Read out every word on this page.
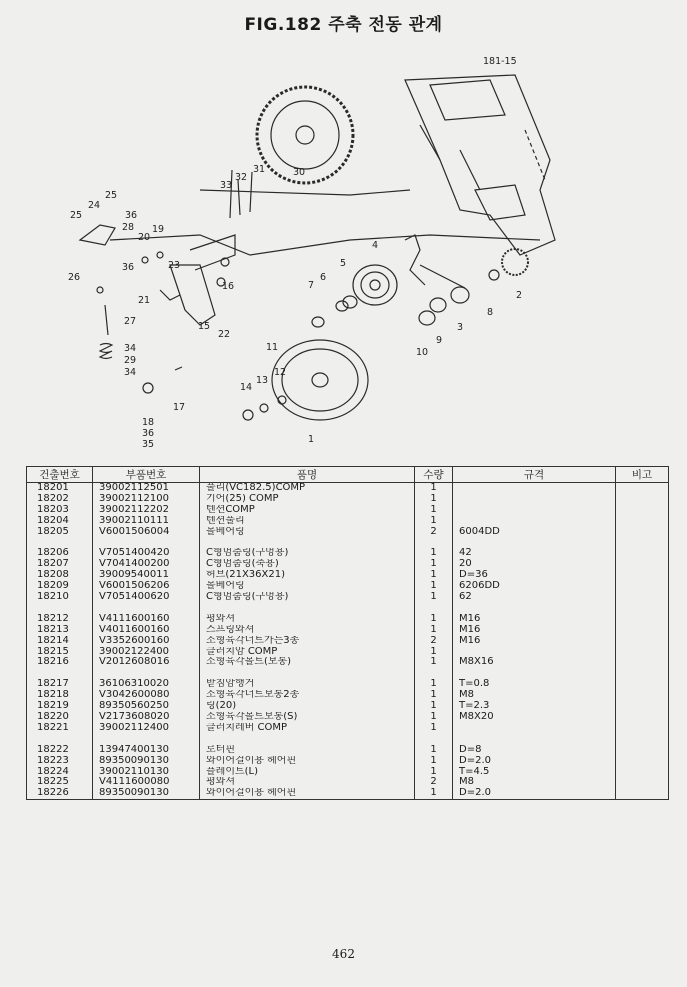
FIG.182 주축 전동 관계
181-15
33
32
31	30
25
24
36
25
26
28
20
19
36	23
16
21
15
22
27
34
29
34
18
36
35
17
4
5
6
7
2
8
3
9
10
14
13
12
11
1
건출번호	부품번호	품명	수량	규격	비고
18201	39002112501	풀리(VC182.5)COMP	1		
18202	39002112100	기어(25) COMP	1		
18203	39002112202	텐션COMP	1		
18204	39002110111	텐션풀리	1		
18205	V6001506004	볼베어링	2	6004DD	

18206	V7051400420	C형멈춤링(구멍용)	1	42	
18207	V7041400200	C형멈춤링(축용)	1	20	
18208	39009540011	허브(21X36X21)	1	D=36	
18209	V6001506206	볼베어링	1	6206DD	
18210	V7051400620	C형멈춤링(구멍용)	1	62	

18212	V4111600160	평와셔	1	M16	
18213	V4011600160	스프링와셔	1	M16	
18214	V3352600160	소형육각너트가는3종	2	M16	
18215	39002122400	클러치암 COMP	1		
18216	V2012608016	소형육각볼트(보통)	1	M8X16	

18217	36106310020	받침암행거	1	T=0.8	
18218	V3042600080	소형육각너트보통2종	1	M8	
18219	89350560250	링(20)	1	T=2.3	
18220	V2173608020	소형육각볼트보통(S)	1	M8X20	
18221	39002112400	클러치레버 COMP	1		

18222	13947400130	로터핀	1	D=8	
18223	89350090130	와이어걸이용 헤어핀	1	D=2.0	
18224	39002110130	플레이트(L)	1	T=4.5	
18225	V4111600080	평와셔	2	M8	
18226	89350090130	와이어걸이용 헤어핀	1	D=2.0	
462
